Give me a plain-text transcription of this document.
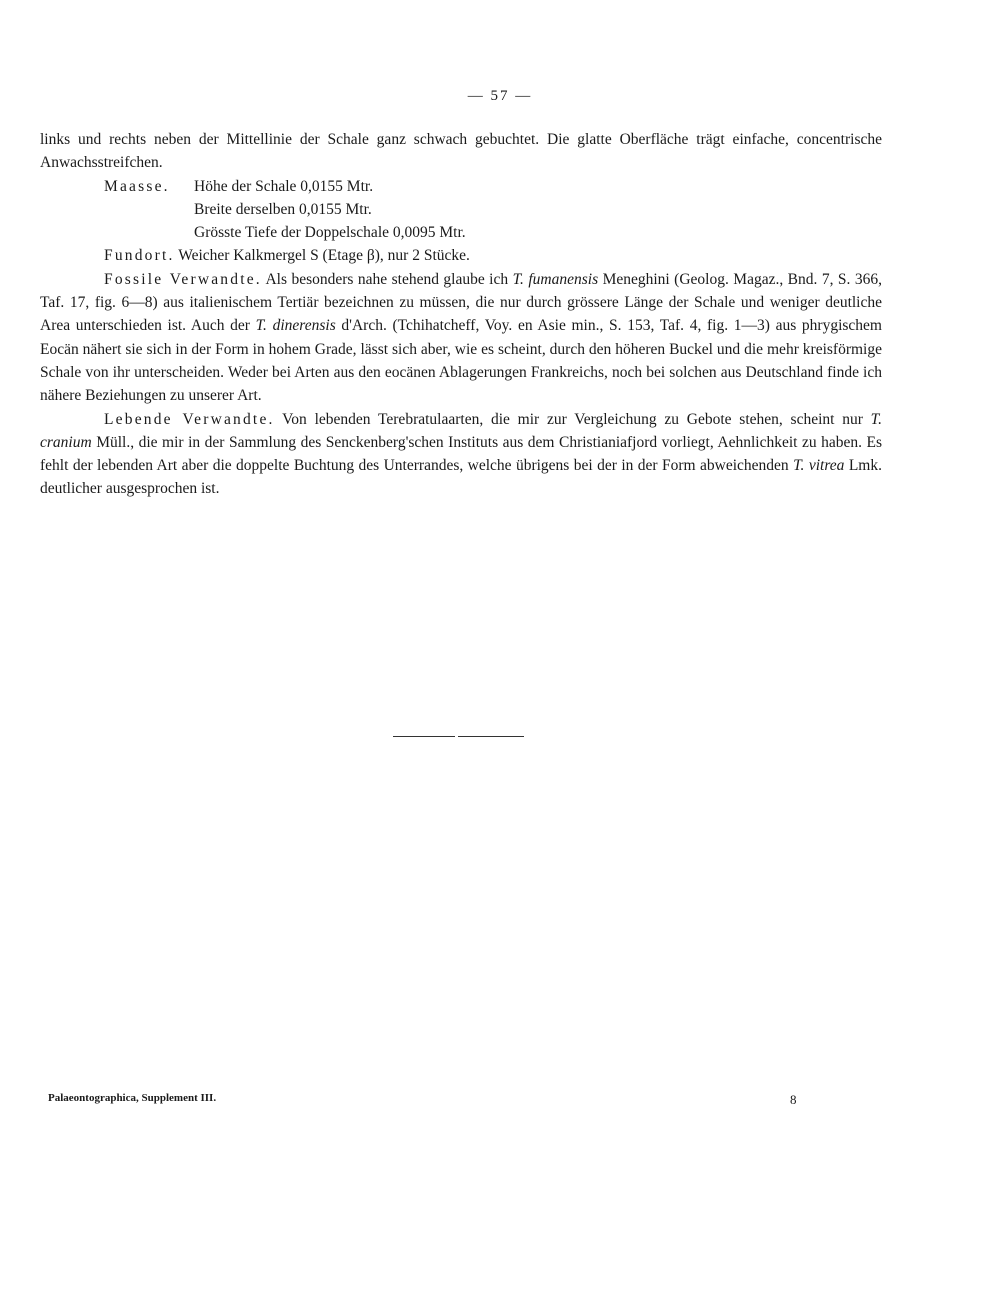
— 57 —

links und rechts neben der Mittellinie der Schale ganz schwach gebuchtet. Die glatte Oberfläche trägt einfache, concentrische Anwachsstreifchen.

Maasse.	Höhe der Schale 0,0155 Mtr.
Breite derselben 0,0155 Mtr.
Grösste Tiefe der Doppelschale 0,0095 Mtr.

Fundort. Weicher Kalkmergel S (Etage β), nur 2 Stücke.

Fossile Verwandte. Als besonders nahe stehend glaube ich T. fumanensis Meneghini (Geolog. Magaz., Bnd. 7, S. 366, Taf. 17, fig. 6—8) aus italienischem Tertiär bezeichnen zu müssen, die nur durch grössere Länge der Schale und weniger deutliche Area unterschieden ist. Auch der T. dinerensis d'Arch. (Tchihatcheff, Voy. en Asie min., S. 153, Taf. 4, fig. 1—3) aus phrygischem Eocän nähert sie sich in der Form in hohem Grade, lässt sich aber, wie es scheint, durch den höheren Buckel und die mehr kreisförmige Schale von ihr unterscheiden. Weder bei Arten aus den eocänen Ablagerungen Frankreichs, noch bei solchen aus Deutschland finde ich nähere Beziehungen zu unserer Art.

Lebende Verwandte. Von lebenden Terebratulaarten, die mir zur Vergleichung zu Gebote stehen, scheint nur T. cranium Müll., die mir in der Sammlung des Senckenberg'schen Instituts aus dem Christianiafjord vorliegt, Aehnlichkeit zu haben. Es fehlt der lebenden Art aber die doppelte Buchtung des Unterrandes, welche übrigens bei der in der Form abweichenden T. vitrea Lmk. deutlicher ausgesprochen ist.

Palaeontographica, Supplement III.	8
